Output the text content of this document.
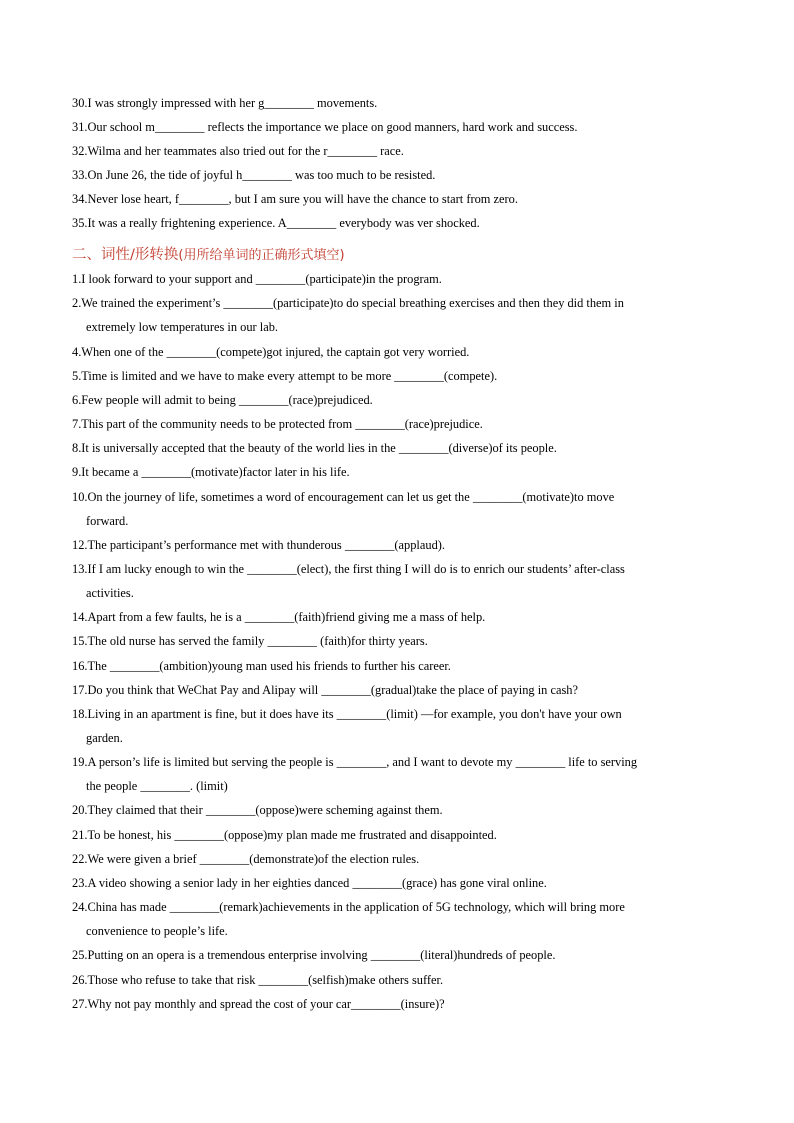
30.I was strongly impressed with her g________ movements.
31.Our school m________ reflects the importance we place on good manners, hard work and success.
32.Wilma and her teammates also tried out for the r________ race.
33.On June 26, the tide of joyful h________ was too much to be resisted.
34.Never lose heart, f________, but I am sure you will have the chance to start from zero.
35.It was a really frightening experience. A________ everybody was ver shocked.
二、词性/形转换(用所给单词的正确形式填空)
1.I look forward to your support and ________(participate)in the program.
2.We trained the experiment’s ________(participate)to do special breathing exercises and then they did them in
extremely low temperatures in our lab.
4.When one of the ________(compete)got injured, the captain got very worried.
5.Time is limited and we have to make every attempt to be more ________(compete).
6.Few people will admit to being ________(race)prejudiced.
7.This part of the community needs to be protected from ________(race)prejudice.
8.It is universally accepted that the beauty of the world lies in the ________(diverse)of its people.
9.It became a ________(motivate)factor later in his life.
10.On the journey of life, sometimes a word of encouragement can let us get the ________(motivate)to move
forward.
12.The participant’s performance met with thunderous ________(applaud).
13.If I am lucky enough to win the ________(elect), the first thing I will do is to enrich our students’ after-class
activities.
14.Apart from a few faults, he is a ________(faith)friend giving me a mass of help.
15.The old nurse has served the family ________ (faith)for thirty years.
16.The ________(ambition)young man used his friends to further his career.
17.Do you think that WeChat Pay and Alipay will ________(gradual)take the place of paying in cash?
18.Living in an apartment is fine, but it does have its ________(limit) —for example, you don't have your own
garden.
19.A person’s life is limited but serving the people is ________, and I want to devote my ________ life to serving
the people ________. (limit)
20.They claimed that their ________(oppose)were scheming against them.
21.To be honest, his ________(oppose)my plan made me frustrated and disappointed.
22.We were given a brief ________(demonstrate)of the election rules.
23.A video showing a senior lady in her eighties danced ________(grace) has gone viral online.
24.China has made ________(remark)achievements in the application of 5G technology, which will bring more
convenience to people’s life.
25.Putting on an opera is a tremendous enterprise involving ________(literal)hundreds of people.
26.Those who refuse to take that risk ________(selfish)make others suffer.
27.Why not pay monthly and spread the cost of your car________(insure)?
